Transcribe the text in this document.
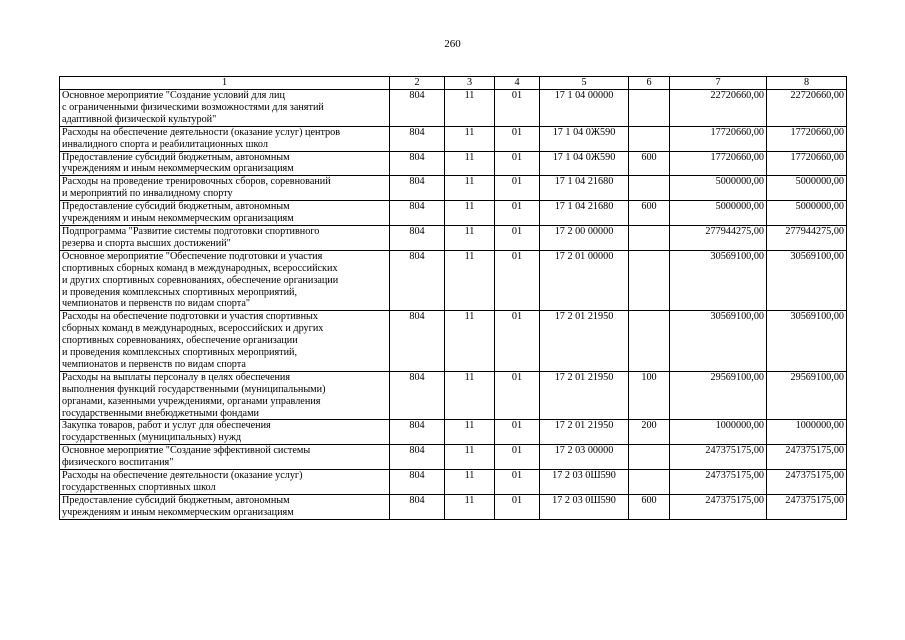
260
1	2	3	4	5	6	7	8

Основное мероприятие "Создание условий для лиц
с ограниченными физическими возможностями для занятий
адаптивной физической культурой"	804	11	01	17 1 04 00000		22720660,00	22720660,00

Расходы на обеспечение деятельности (оказание услуг) центров
инвалидного спорта и реабилитационных школ	804	11	01	17 1 04 0Ж590		17720660,00	17720660,00

Предоставление субсидий бюджетным, автономным
учреждениям и иным некоммерческим организациям	804	11	01	17 1 04 0Ж590	600	17720660,00	17720660,00

Расходы на проведение тренировочных сборов, соревнований
и мероприятий по инвалидному спорту	804	11	01	17 1 04 21680		5000000,00	5000000,00

Предоставление субсидий бюджетным, автономным
учреждениям и иным некоммерческим организациям	804	11	01	17 1 04 21680	600	5000000,00	5000000,00

Подпрограмма "Развитие системы подготовки спортивного
резерва и спорта высших достижений"	804	11	01	17 2 00 00000		277944275,00	277944275,00

Основное мероприятие "Обеспечение подготовки и участия
спортивных сборных команд в международных, всероссийских
и других спортивных соревнованиях, обеспечение организации
и проведения комплексных спортивных мероприятий,
чемпионатов и первенств по видам спорта"	804	11	01	17 2 01 00000		30569100,00	30569100,00

Расходы на обеспечение подготовки и участия спортивных
сборных команд в международных, всероссийских и других
спортивных соревнованиях, обеспечение организации
и проведения комплексных спортивных мероприятий,
чемпионатов и первенств по видам спорта	804	11	01	17 2 01 21950		30569100,00	30569100,00

Расходы на выплаты персоналу в целях обеспечения
выполнения функций государственными (муниципальными)
органами, казенными учреждениями, органами управления
государственными внебюджетными фондами	804	11	01	17 2 01 21950	100	29569100,00	29569100,00

Закупка товаров, работ и услуг для обеспечения
государственных (муниципальных) нужд	804	11	01	17 2 01 21950	200	1000000,00	1000000,00

Основное мероприятие "Создание эффективной системы
физического воспитания"	804	11	01	17 2 03 00000		247375175,00	247375175,00

Расходы на обеспечение деятельности (оказание услуг)
государственных спортивных школ	804	11	01	17 2 03 0Ш590		247375175,00	247375175,00

Предоставление субсидий бюджетным, автономным
учреждениям и иным некоммерческим организациям	804	11	01	17 2 03 0Ш590	600	247375175,00	247375175,00
